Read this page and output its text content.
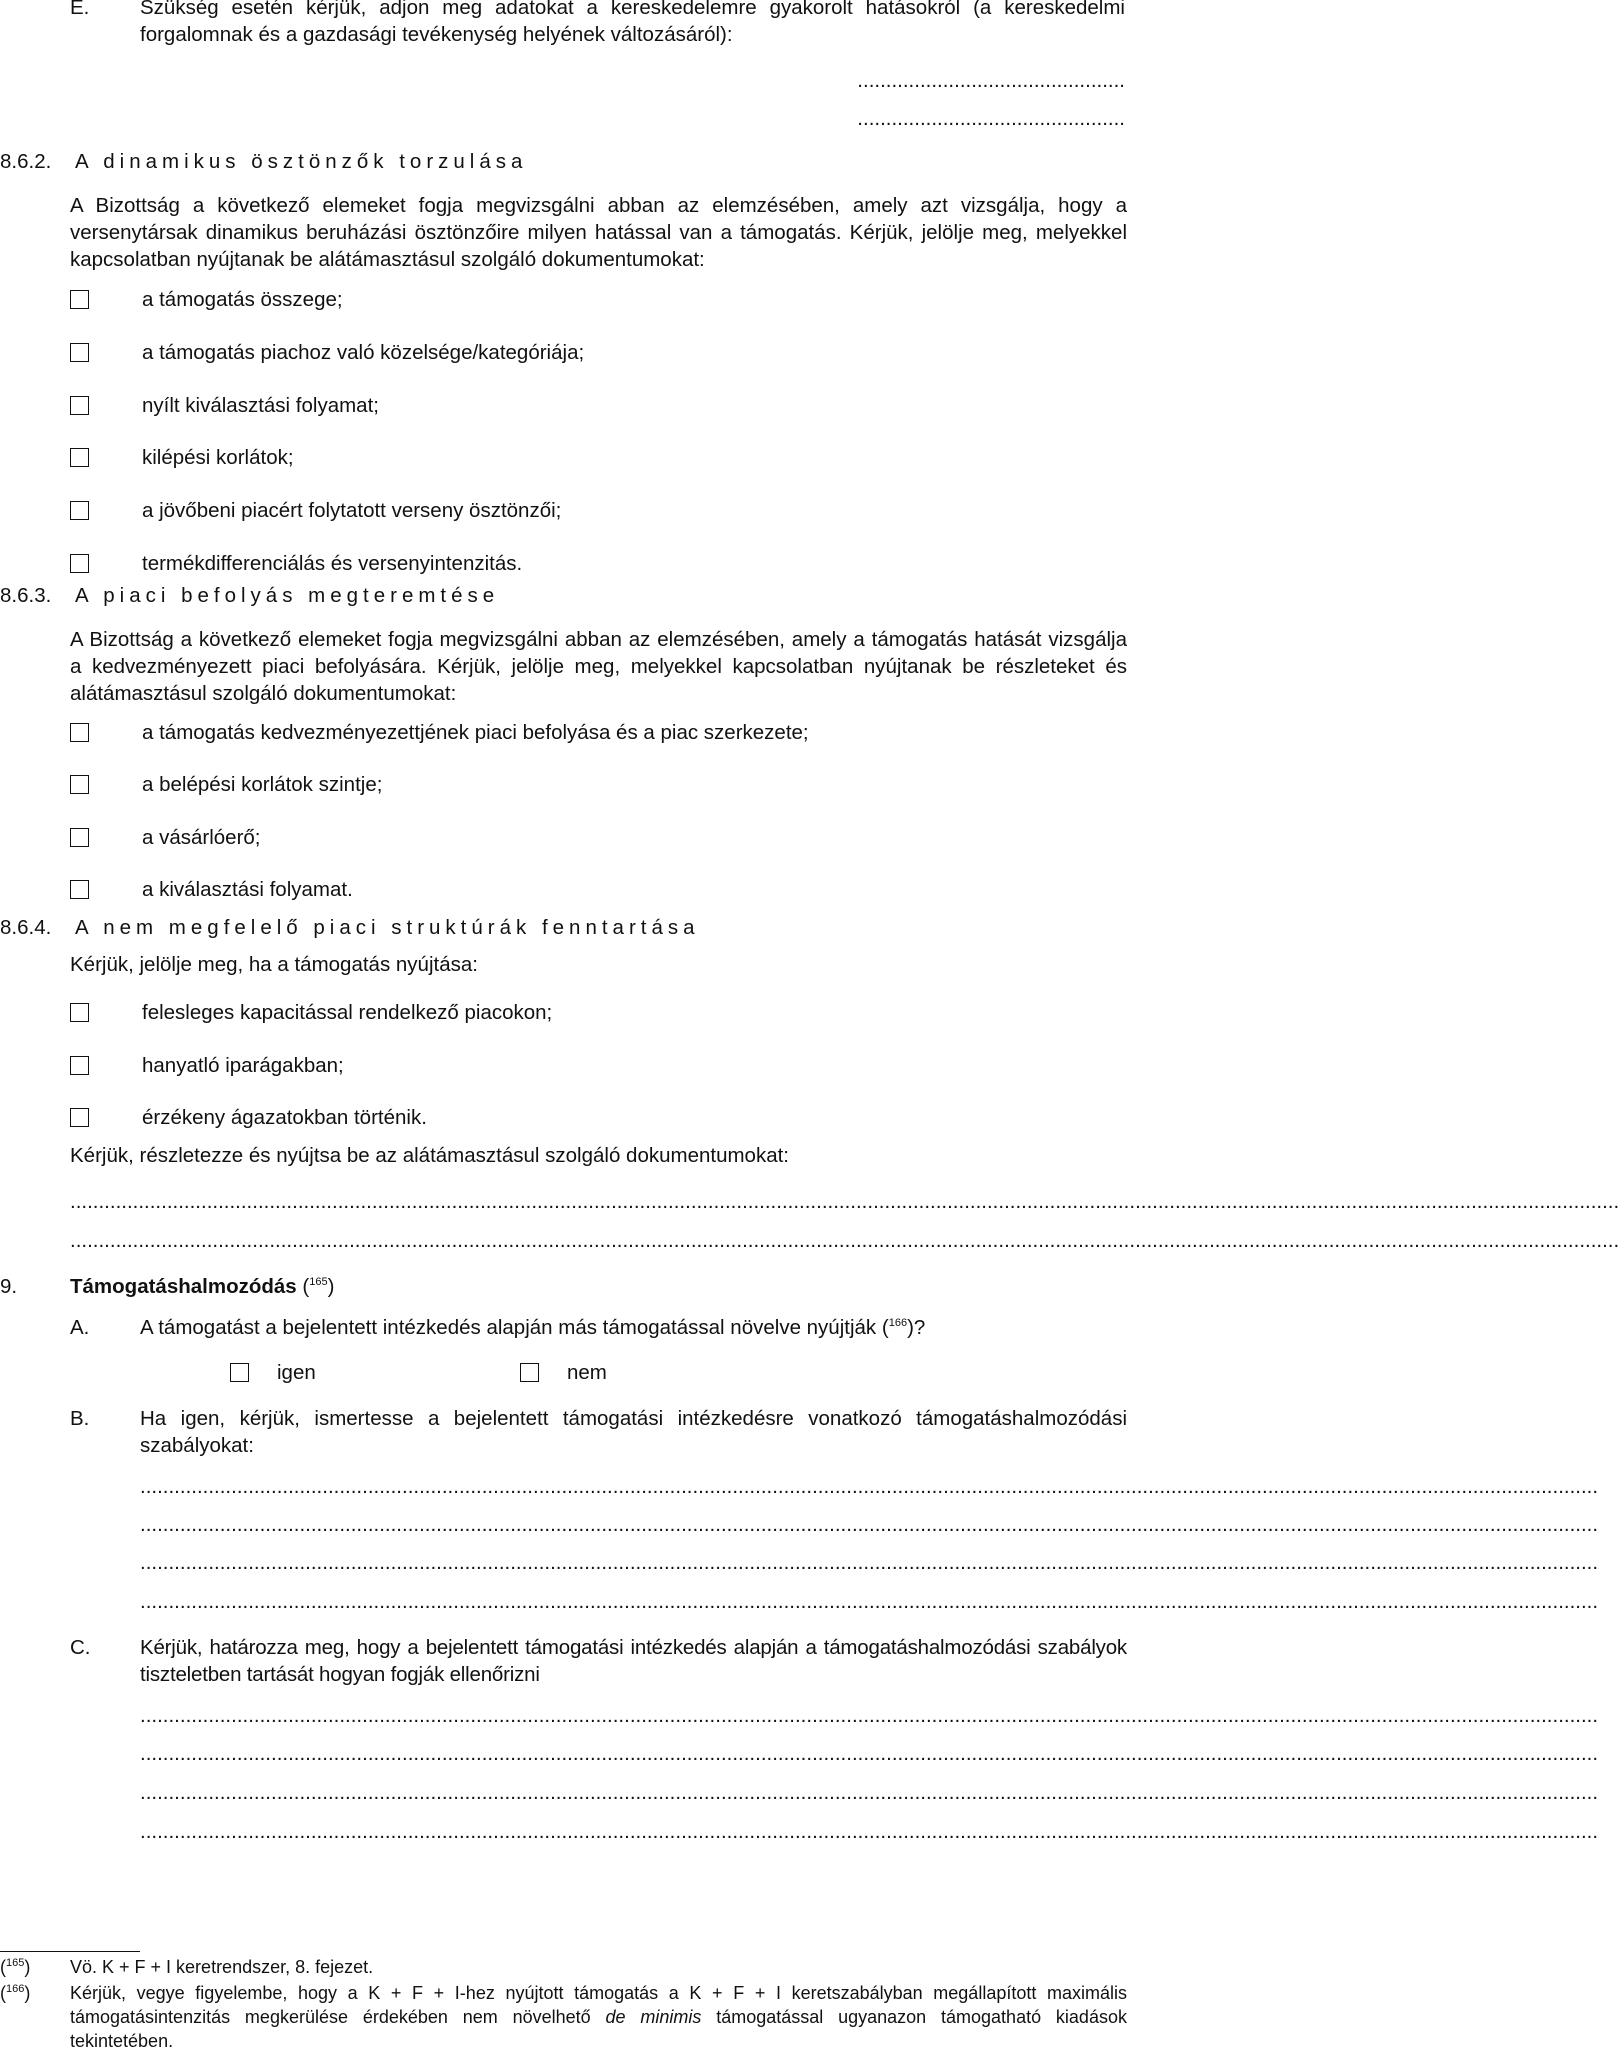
E. Szükség esetén kérjük, adjon meg adatokat a kereskedelemre gyakorolt hatásokról (a kereskedelmi forgalomnak és a gazdasági tevékenység helyének változásáról):
...............................................
...............................................
8.6.2. A dinamikus ösztönzők torzulása
A Bizottság a következő elemeket fogja megvizsgálni abban az elemzésében, amely azt vizsgálja, hogy a versenytársak dinamikus beruházási ösztönzőire milyen hatással van a támogatás. Kérjük, jelölje meg, melyekkel kapcsolatban nyújtanak be alátámasztásul szolgáló dokumentumokat:
a támogatás összege;
a támogatás piachoz való közelsége/kategóriája;
nyílt kiválasztási folyamat;
kilépési korlátok;
a jövőbeni piacért folytatott verseny ösztönzői;
termékdifferenciálás és versenyintenzitás.
8.6.3. A piaci befolyás megteremtése
A Bizottság a következő elemeket fogja megvizsgálni abban az elemzésében, amely a támogatás hatását vizsgálja a kedvezményezett piaci befolyására. Kérjük, jelölje meg, melyekkel kapcsolatban nyújtanak be részleteket és alátámasztásul szolgáló dokumentumokat:
a támogatás kedvezményezettjének piaci befolyása és a piac szerkezete;
a belépési korlátok szintje;
a vásárlóerő;
a kiválasztási folyamat.
8.6.4. A nem megfelelő piaci struktúrák fenntartása
Kérjük, jelölje meg, ha a támogatás nyújtása:
felesleges kapacitással rendelkező piacokon;
hanyatló iparágakban;
érzékeny ágazatokban történik.
Kérjük, részletezze és nyújtsa be az alátámasztásul szolgáló dokumentumokat:
................................................................................................................................................................................................................................................................................
................................................................................................................................................................................................................................................................................
9.	Támogatáshalmozódás ($^{165}$)
A. A támogatást a bejelentett intézkedés alapján más támogatással növelve nyújtják ($^{166}$)?
igen	nem
B. Ha igen, kérjük, ismertesse a bejelentett támogatási intézkedésre vonatkozó támogatáshalmozódási szabályokat:
................................................................................................................................................................................................................................................................
................................................................................................................................................................................................................................................................
................................................................................................................................................................................................................................................................
................................................................................................................................................................................................................................................................
C. Kérjük, határozza meg, hogy a bejelentett támogatási intézkedés alapján a támogatáshalmozódási szabályok tiszteletben tartását hogyan fogják ellenőrizni
................................................................................................................................................................................................................................................................
................................................................................................................................................................................................................................................................
................................................................................................................................................................................................................................................................
................................................................................................................................................................................................................................................................
($^{165}$) Vö. K + F + I keretrendszer, 8. fejezet.
($^{166}$) Kérjük, vegye figyelembe, hogy a K + F + I-hez nyújtott támogatás a K + F + I keretszabályban megállapított maximális támogatásintenzitás megkerülése érdekében nem növelhető de minimis támogatással ugyanazon támogatható kiadások tekintetében.
